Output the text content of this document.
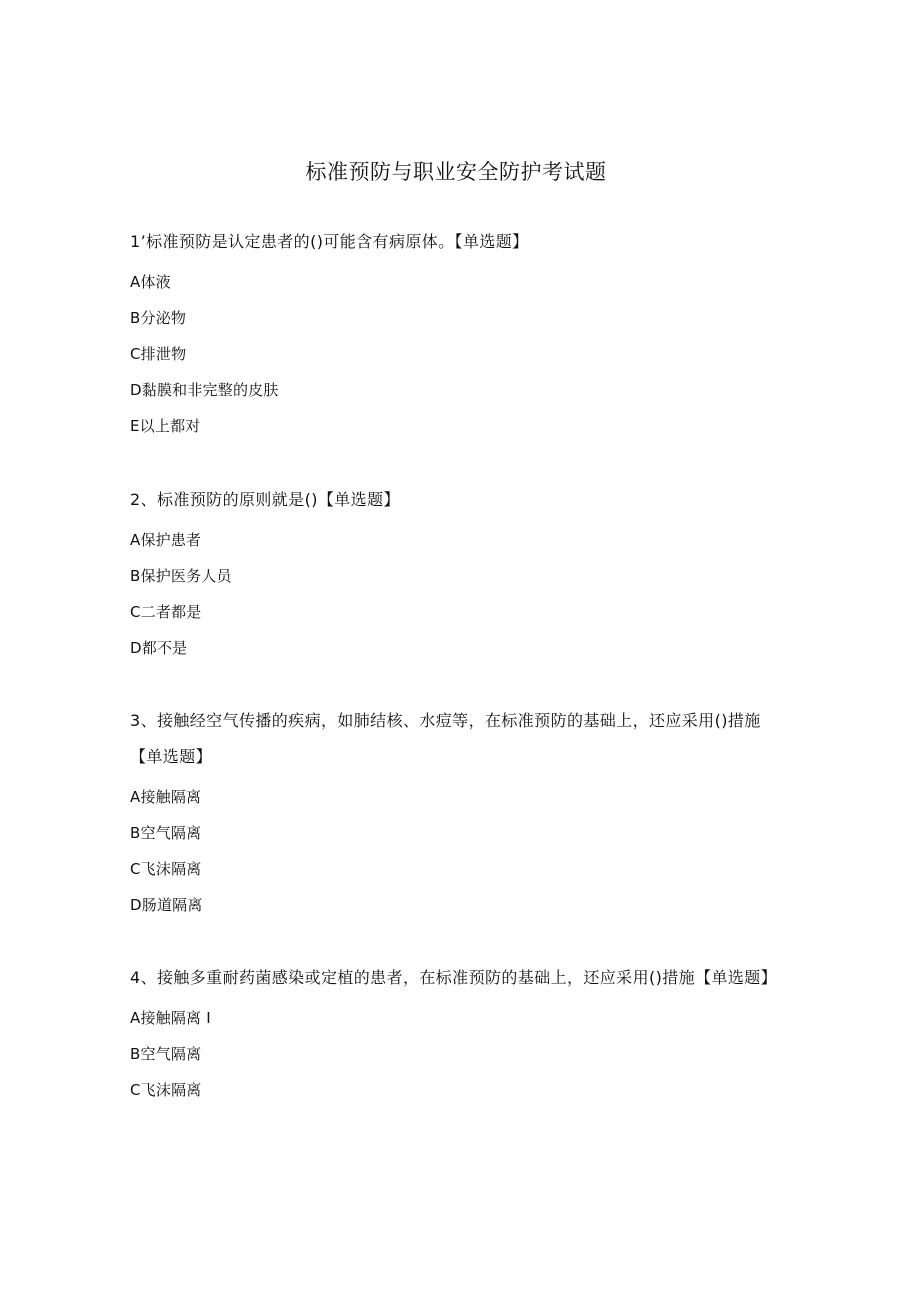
标准预防与职业安全防护考试题

1’标准预防是认定患者的()可能含有病原体。【单选题】

A体液
B分泌物
C排泄物
D黏膜和非完整的皮肤
E以上都对

2、标准预防的原则就是()【单选题】

A保护患者
B保护医务人员
C二者都是
D都不是

3、接触经空气传播的疾病，如肺结核、水痘等，在标准预防的基础上，还应采用()措施【单选题】

A接触隔离
B空气隔离
C飞沫隔离
D肠道隔离

4、接触多重耐药菌感染或定植的患者，在标准预防的基础上，还应采用()措施【单选题】

A接触隔离 I
B空气隔离
C飞沫隔离
